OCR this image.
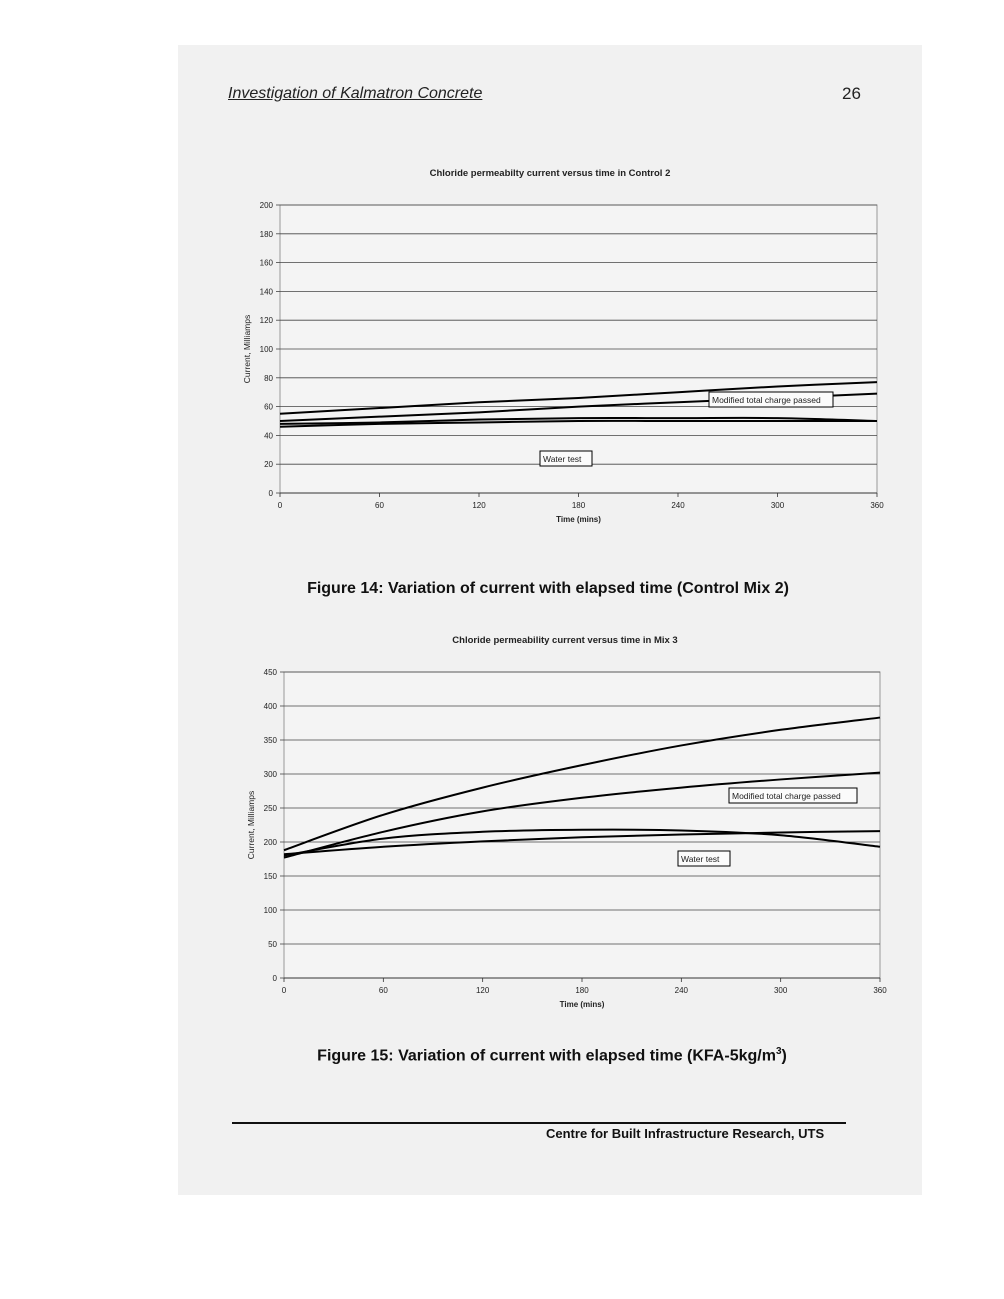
Investigation of Kalmatron Concrete	26
Chloride permeabilty current versus time in Control 2
0
20
40
60
80
100
120
140
160
180
200
0	60	120	180	240	300	360
Time (mins)
Current, Milliamps
Modified total charge passed
Water test
Figure 14: Variation of current with elapsed time (Control Mix 2)
Chloride permeability current versus time in Mix 3
0
50
100
150
200
250
300
350
400
450
0	60	120	180	240	300	360
Time (mins)
Current, Milliamps	Modified total charge passed
Water test
Figure 15: Variation of current with elapsed time $(KFA-5kg/m^3)$
Centre for Built Infrastructure Research, UTS
